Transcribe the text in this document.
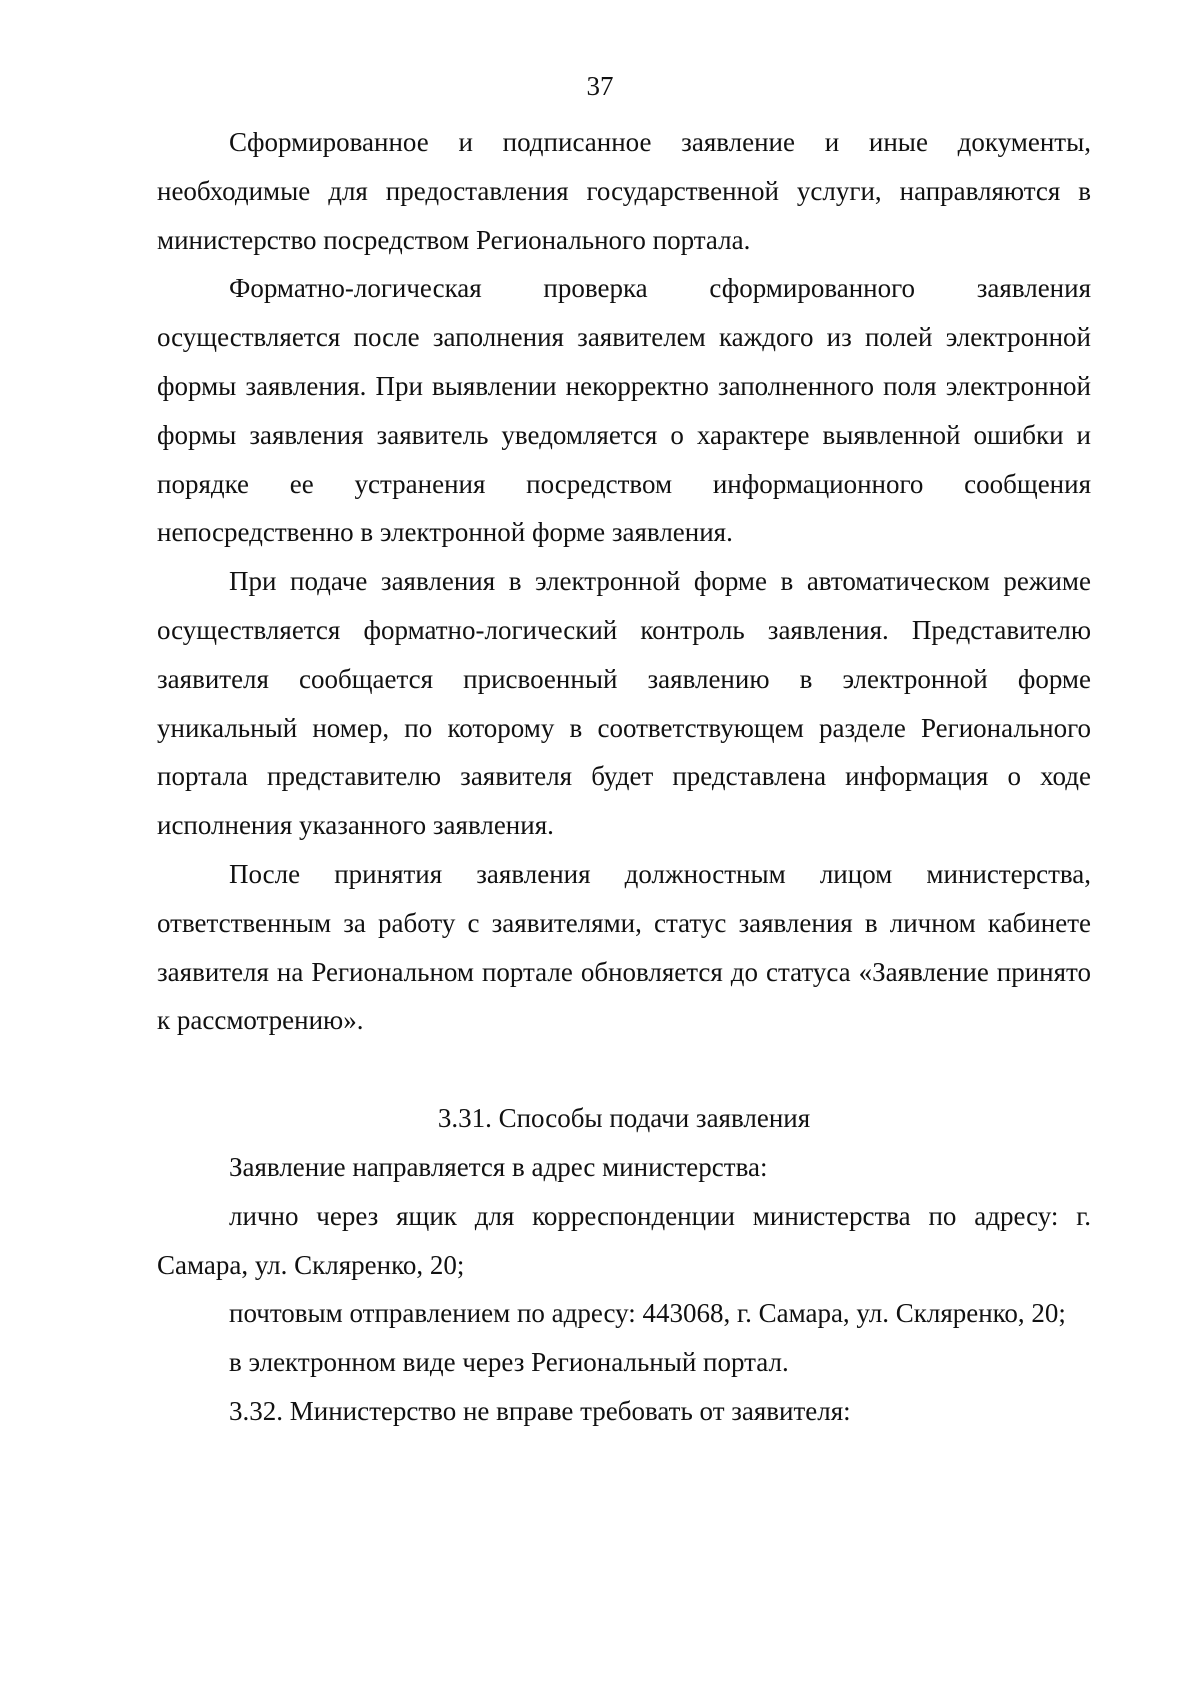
37

Сформированное и подписанное заявление и иные документы, необходимые для предоставления государственной услуги, направляются в министерство посредством Регионального портала.

Форматно-логическая проверка сформированного заявления осуществляется после заполнения заявителем каждого из полей электронной формы заявления. При выявлении некорректно заполненного поля электронной формы заявления заявитель уведомляется о характере выявленной ошибки и порядке ее устранения посредством информационного сообщения непосредственно в электронной форме заявления.

При подаче заявления в электронной форме в автоматическом режиме осуществляется форматно-логический контроль заявления. Представителю заявителя сообщается присвоенный заявлению в электронной форме уникальный номер, по которому в соответствующем разделе Регионального портала представителю заявителя будет представлена информация о ходе исполнения указанного заявления.

После принятия заявления должностным лицом министерства, ответственным за работу с заявителями, статус заявления в личном кабинете заявителя на Региональном портале обновляется до статуса «Заявление принято к рассмотрению».

3.31. Способы подачи заявления

Заявление направляется в адрес министерства:

лично через ящик для корреспонденции министерства по адресу: г. Самара, ул. Скляренко, 20;

почтовым отправлением по адресу: 443068, г. Самара, ул. Скляренко, 20;

в электронном виде через Региональный портал.

3.32. Министерство не вправе требовать от заявителя:
